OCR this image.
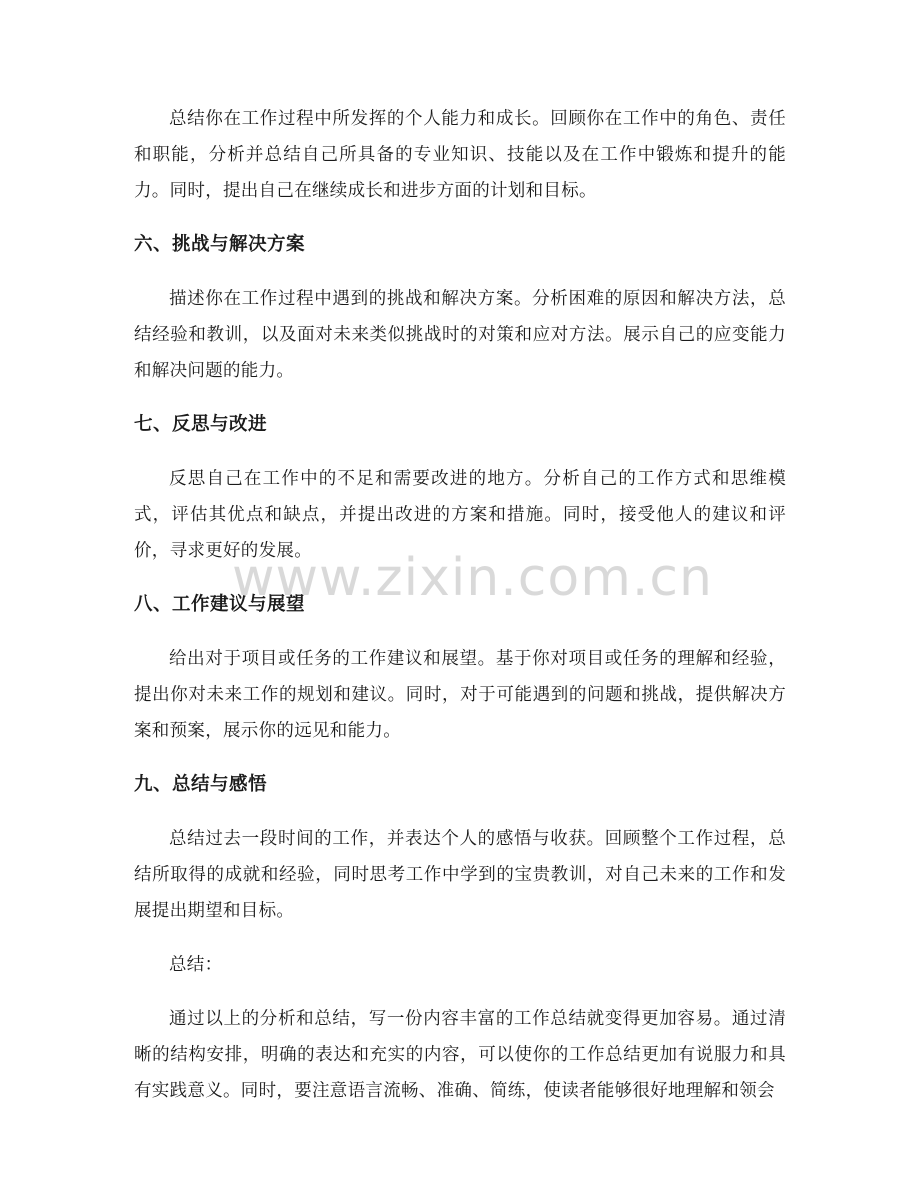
总结你在工作过程中所发挥的个人能力和成长。回顾你在工作中的角色、责任和职能，分析并总结自己所具备的专业知识、技能以及在工作中锻炼和提升的能力。同时，提出自己在继续成长和进步方面的计划和目标。

六、挑战与解决方案

描述你在工作过程中遇到的挑战和解决方案。分析困难的原因和解决方法，总结经验和教训，以及面对未来类似挑战时的对策和应对方法。展示自己的应变能力和解决问题的能力。

七、反思与改进

反思自己在工作中的不足和需要改进的地方。分析自己的工作方式和思维模式，评估其优点和缺点，并提出改进的方案和措施。同时，接受他人的建议和评价，寻求更好的发展。

八、工作建议与展望

给出对于项目或任务的工作建议和展望。基于你对项目或任务的理解和经验，提出你对未来工作的规划和建议。同时，对于可能遇到的问题和挑战，提供解决方案和预案，展示你的远见和能力。

九、总结与感悟

总结过去一段时间的工作，并表达个人的感悟与收获。回顾整个工作过程，总结所取得的成就和经验，同时思考工作中学到的宝贵教训，对自己未来的工作和发展提出期望和目标。

总结：

通过以上的分析和总结，写一份内容丰富的工作总结就变得更加容易。通过清晰的结构安排，明确的表达和充实的内容，可以使你的工作总结更加有说服力和具有实践意义。同时，要注意语言流畅、准确、简练，使读者能够很好地理解和领会

www.zixin.com.cn
